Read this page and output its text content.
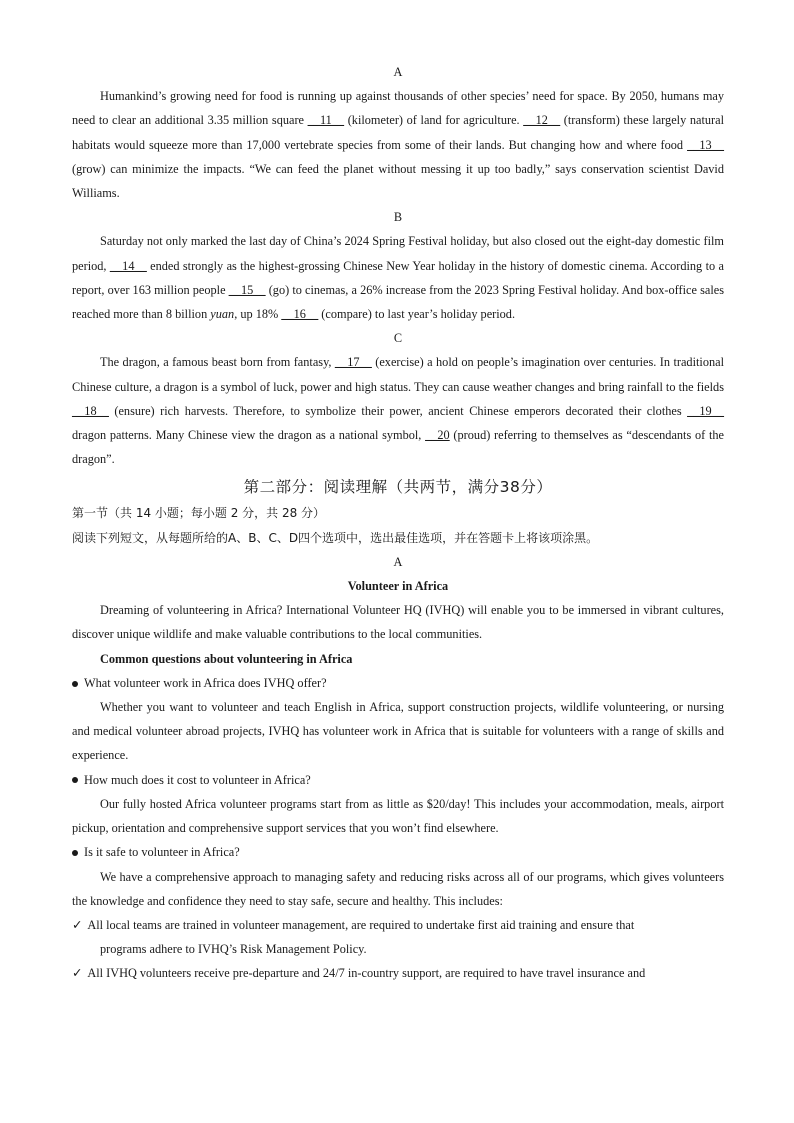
A

Humankind’s growing need for food is running up against thousands of other species’ need for space. By 2050, humans may need to clear an additional 3.35 million square __11__ (kilometer) of land for agriculture. __12__ (transform) these largely natural habitats would squeeze more than 17,000 vertebrate species from some of their lands. But changing how and where food __13__ (grow) can minimize the impacts. “We can feed the planet without messing it up too badly,” says conservation scientist David Williams.

B

Saturday not only marked the last day of China’s 2024 Spring Festival holiday, but also closed out the eight-day domestic film period, __14__ ended strongly as the highest-grossing Chinese New Year holiday in the history of domestic cinema. According to a report, over 163 million people __15__ (go) to cinemas, a 26% increase from the 2023 Spring Festival holiday. And box-office sales reached more than 8 billion yuan, up 18% __16__ (compare) to last year’s holiday period.

C

The dragon, a famous beast born from fantasy, __17__ (exercise) a hold on people’s imagination over centuries. In traditional Chinese culture, a dragon is a symbol of luck, power and high status. They can cause weather changes and bring rainfall to the fields __18__ (ensure) rich harvests. Therefore, to symbolize their power, ancient Chinese emperors decorated their clothes __19__ dragon patterns. Many Chinese view the dragon as a national symbol, __20 (proud) referring to themselves as “descendants of the dragon”.

第二部分：阅读理解（共两节，满分38分）

第一节（共 14 小题；每小题 2 分，共 28 分）

阅读下列短文，从每题所给的A、B、C、D四个选项中，选出最佳选项，并在答题卡上将该项涂黑。

A

Volunteer in Africa

Dreaming of volunteering in Africa? International Volunteer HQ (IVHQ) will enable you to be immersed in vibrant cultures, discover unique wildlife and make valuable contributions to the local communities.

Common questions about volunteering in Africa

What volunteer work in Africa does IVHQ offer?

Whether you want to volunteer and teach English in Africa, support construction projects, wildlife volunteering, or nursing and medical volunteer abroad projects, IVHQ has volunteer work in Africa that is suitable for volunteers with a range of skills and experience.

How much does it cost to volunteer in Africa?

Our fully hosted Africa volunteer programs start from as little as $20/day! This includes your accommodation, meals, airport pickup, orientation and comprehensive support services that you won’t find elsewhere.

Is it safe to volunteer in Africa?

We have a comprehensive approach to managing safety and reducing risks across all of our programs, which gives volunteers the knowledge and confidence they need to stay safe, secure and healthy. This includes:

✓ All local teams are trained in volunteer management, are required to undertake first aid training and ensure that

programs adhere to IVHQ’s Risk Management Policy.

✓ All IVHQ volunteers receive pre-departure and 24/7 in-country support, are required to have travel insurance and
